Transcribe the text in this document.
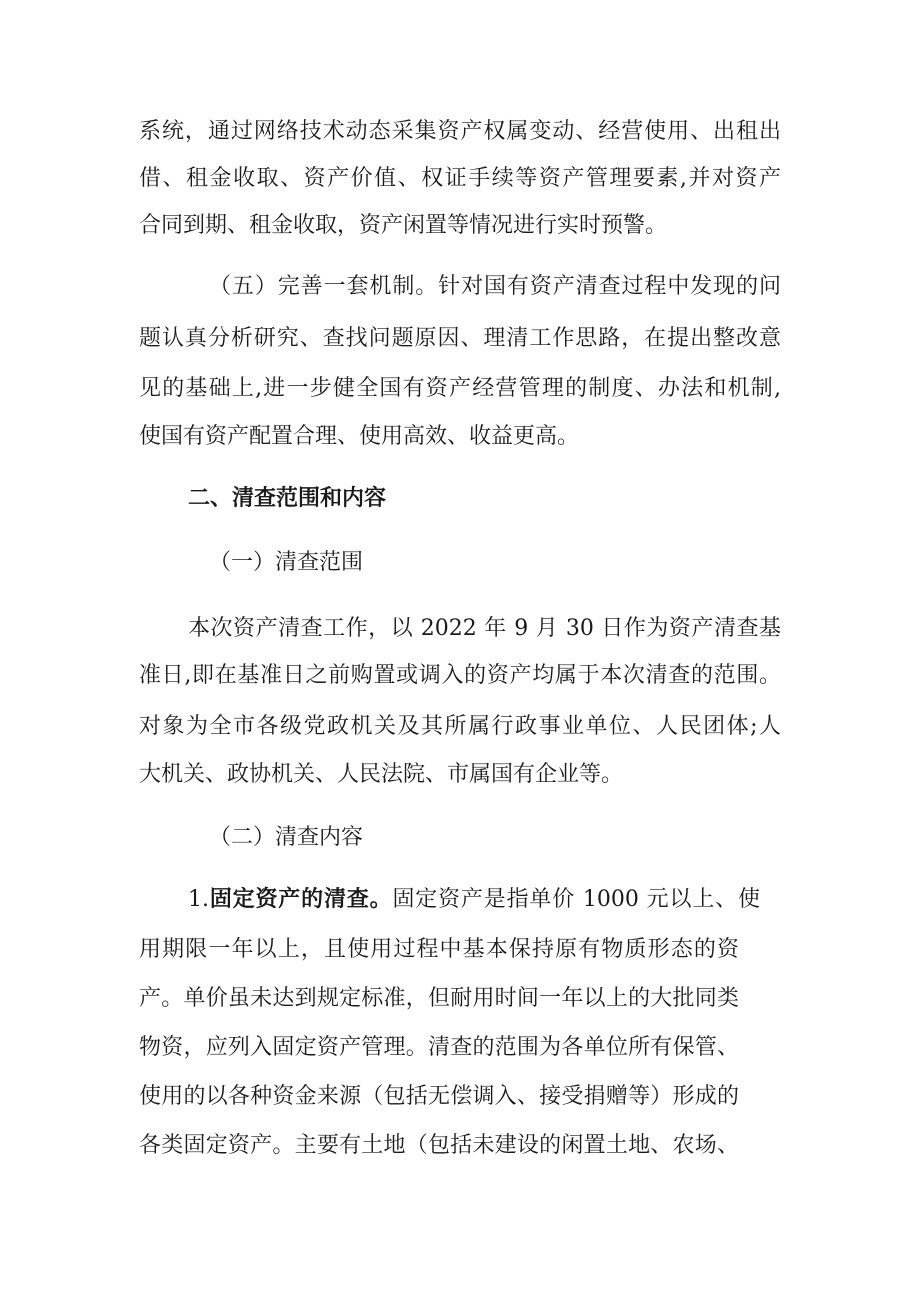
系统，通过网络技术动态采集资产权属变动、经营使用、出租出
借、租金收取、资产价值、权证手续等资产管理要素,并对资产
合同到期、租金收取，资产闲置等情况进行实时预警。
（五）完善一套机制。针对国有资产清查过程中发现的问
题认真分析研究、查找问题原因、理清工作思路，在提出整改意
见的基础上,进一步健全国有资产经营管理的制度、办法和机制,
使国有资产配置合理、使用高效、收益更高。
二、清查范围和内容
（一）清查范围
本次资产清查工作，以 2022 年 9 月 30 日作为资产清查基
准日,即在基准日之前购置或调入的资产均属于本次清查的范围。
对象为全市各级党政机关及其所属行政事业单位、人民团体;人
大机关、政协机关、人民法院、市属国有企业等。
（二）清查内容
1.固定资产的清查。固定资产是指单价 1000 元以上、使
用期限一年以上，且使用过程中基本保持原有物质形态的资
产。单价虽未达到规定标准，但耐用时间一年以上的大批同类
物资，应列入固定资产管理。清查的范围为各单位所有保管、
使用的以各种资金来源（包括无偿调入、接受捐赠等）形成的
各类固定资产。主要有土地（包括未建设的闲置土地、农场、
